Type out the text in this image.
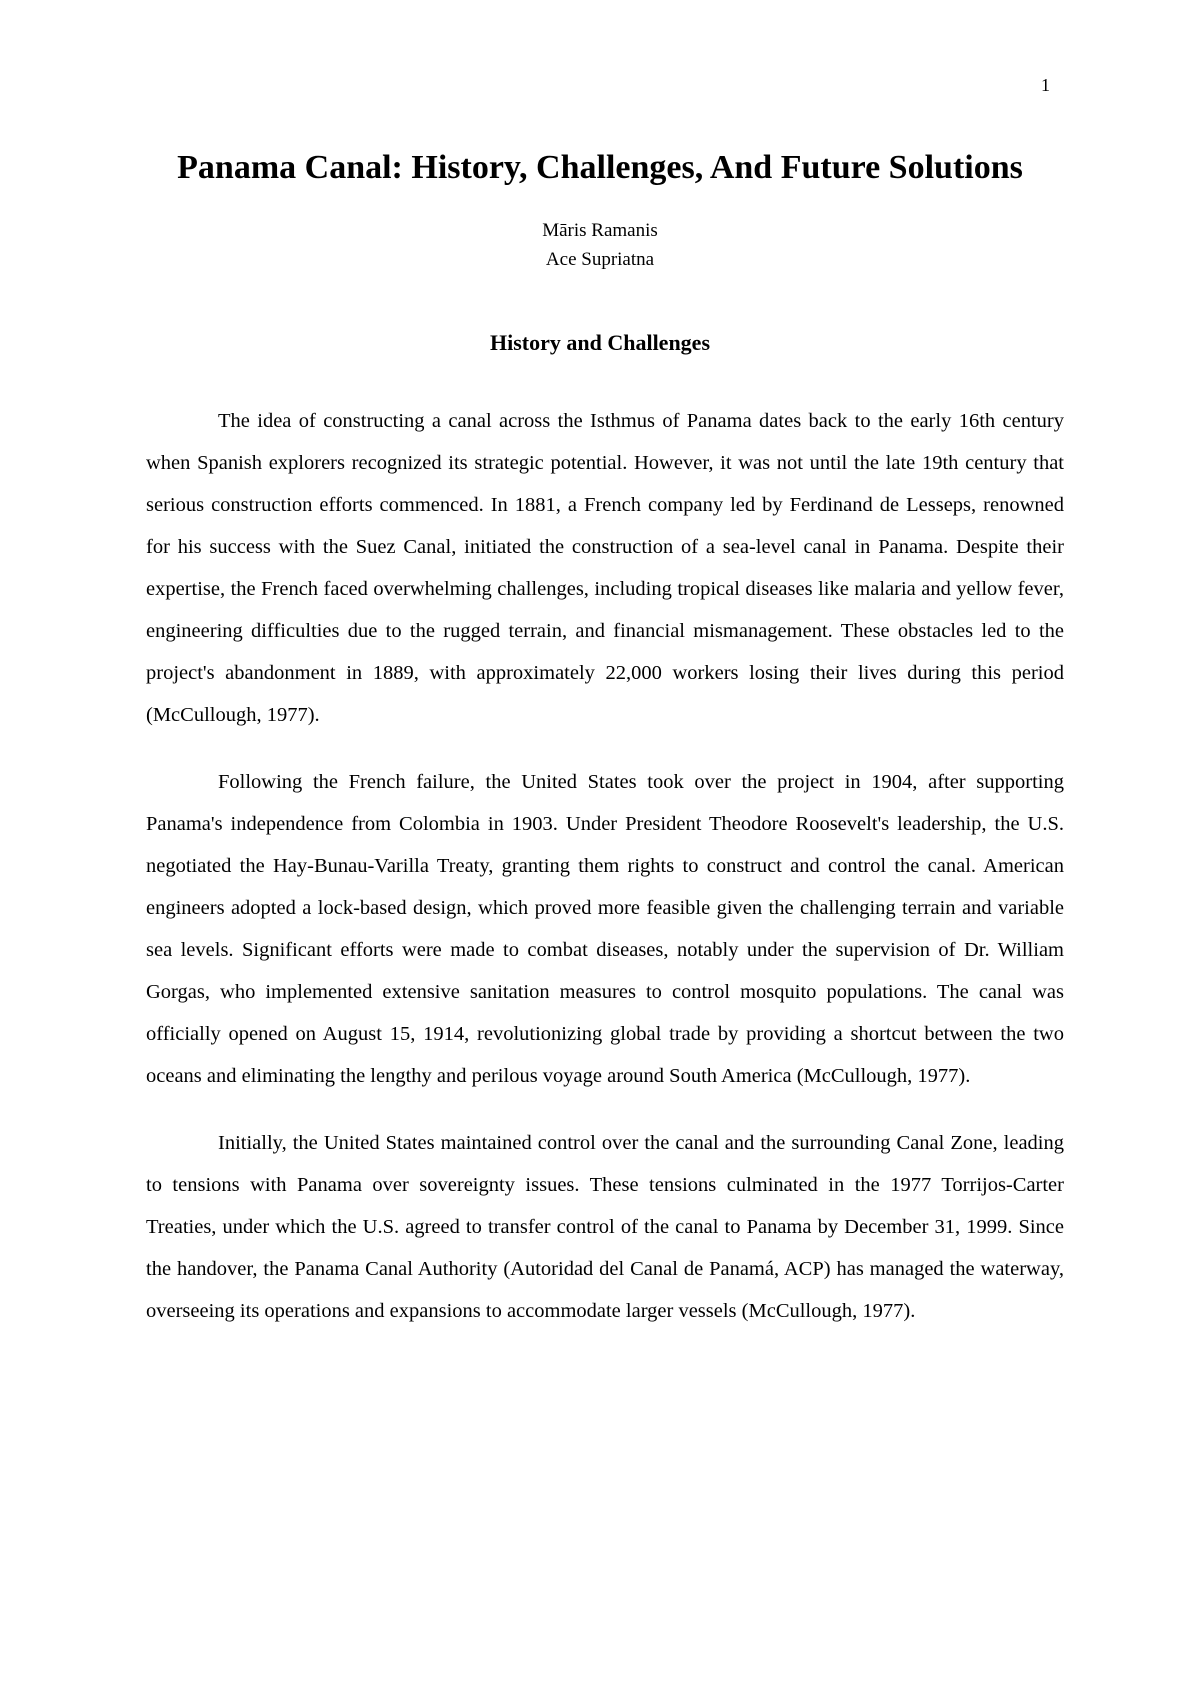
1
Panama Canal: History, Challenges, And Future Solutions
Māris Ramanis
Ace Supriatna
History and Challenges

The idea of constructing a canal across the Isthmus of Panama dates back to the early 16th century when Spanish explorers recognized its strategic potential. However, it was not until the late 19th century that serious construction efforts commenced. In 1881, a French company led by Ferdinand de Lesseps, renowned for his success with the Suez Canal, initiated the construction of a sea-level canal in Panama. Despite their expertise, the French faced overwhelming challenges, including tropical diseases like malaria and yellow fever, engineering difficulties due to the rugged terrain, and financial mismanagement. These obstacles led to the project's abandonment in 1889, with approximately 22,000 workers losing their lives during this period (McCullough, 1977).

Following the French failure, the United States took over the project in 1904, after supporting Panama's independence from Colombia in 1903. Under President Theodore Roosevelt's leadership, the U.S. negotiated the Hay-Bunau-Varilla Treaty, granting them rights to construct and control the canal. American engineers adopted a lock-based design, which proved more feasible given the challenging terrain and variable sea levels. Significant efforts were made to combat diseases, notably under the supervision of Dr. William Gorgas, who implemented extensive sanitation measures to control mosquito populations. The canal was officially opened on August 15, 1914, revolutionizing global trade by providing a shortcut between the two oceans and eliminating the lengthy and perilous voyage around South America (McCullough, 1977).

Initially, the United States maintained control over the canal and the surrounding Canal Zone, leading to tensions with Panama over sovereignty issues. These tensions culminated in the 1977 Torrijos-Carter Treaties, under which the U.S. agreed to transfer control of the canal to Panama by December 31, 1999. Since the handover, the Panama Canal Authority (Autoridad del Canal de Panamá, ACP) has managed the waterway, overseeing its operations and expansions to accommodate larger vessels (McCullough, 1977).
